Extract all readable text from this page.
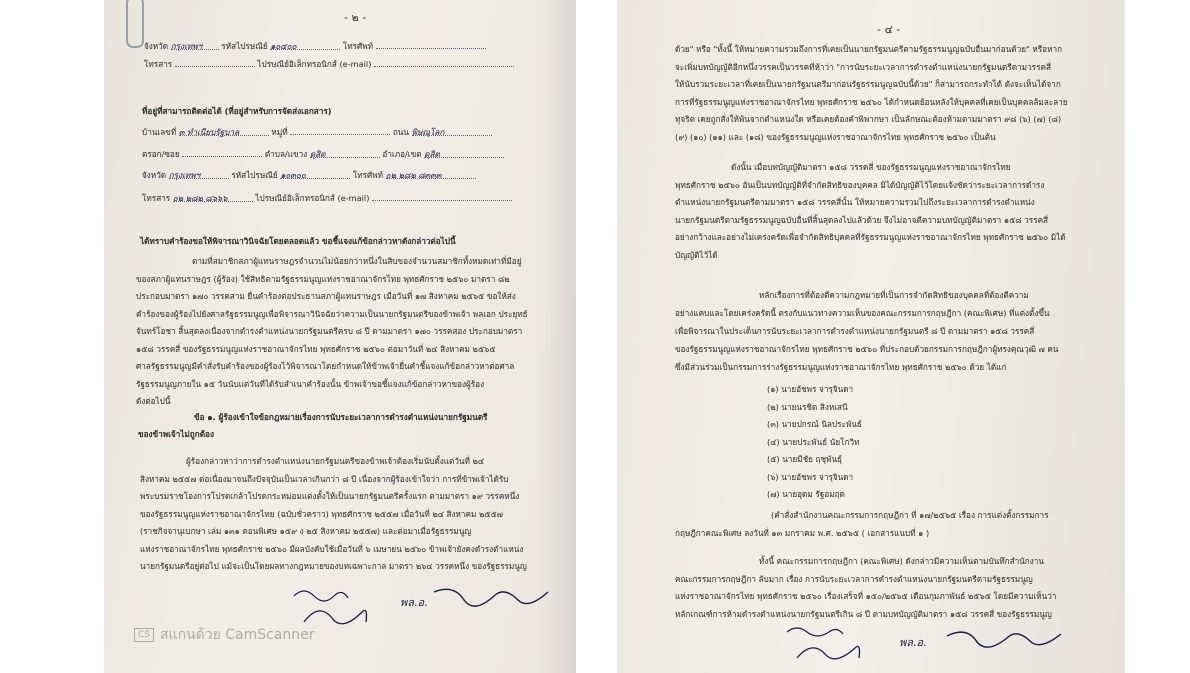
- ๒ -
จังหวัด กรุงเทพฯ รหัสไปรษณีย์ ๑๐๔๐๐	โทรศัพท์
โทรสาร	ไปรษณีย์อิเล็กทรอนิกส์ (e-mail)
ที่อยู่ที่สามารถติดต่อได้ (ที่อยู่สำหรับการจัดส่งเอกสาร)
บ้านเลขที่ ๓ ทำเนียบรัฐบาล	หมู่ที่	ถนน พิษณุโลก
ตรอก/ซอย	ตำบล/แขวง ดุสิต	อำเภอ/เขต ดุสิต
จังหวัด กรุงเทพฯ	รหัสไปรษณีย์ ๑๐๓๐๐	โทรศัพท์ ๐๒ ๒๘๒ ๘๓๓๓
โทรสาร ๐๒ ๒๘๒ ๘๖๖๖	ไปรษณีย์อิเล็กทรอนิกส์ (e-mail)
ได้ทราบคำร้องขอให้พิจารณาวินิจฉัยโดยตลอดแล้ว ขอชี้แจงแก้ข้อกล่าวหาดังกล่าวต่อไปนี้
ตามที่สมาชิกสภาผู้แทนราษฎรจำนวนไม่น้อยกว่าหนึ่งในสิบของจำนวนสมาชิกทั้งหมดเท่าที่มีอยู่
ของสภาผู้แทนราษฎร (ผู้ร้อง) ใช้สิทธิตามรัฐธรรมนูญแห่งราชอาณาจักรไทย พุทธศักราช ๒๕๖๐ มาตรา ๘๒
ประกอบมาตรา ๑๗๐ วรรคสาม ยื่นคำร้องต่อประธานสภาผู้แทนราษฎร เมื่อวันที่ ๑๗ สิงหาคม ๒๕๖๕ ขอให้ส่ง
คำร้องของผู้ร้องไปยังศาลรัฐธรรมนูญเพื่อพิจารณาวินิจฉัยว่าความเป็นนายกรัฐมนตรีของข้าพเจ้า พลเอก ประยุทธ์
จันทร์โอชา สิ้นสุดลงเนื่องจากดำรงตำแหน่งนายกรัฐมนตรีครบ ๘ ปี ตามมาตรา ๑๗๐ วรรคสอง ประกอบมาตรา
๑๕๘ วรรคสี่ ของรัฐธรรมนูญแห่งราชอาณาจักรไทย พุทธศักราช ๒๕๖๐ ต่อมาวันที่ ๒๔ สิงหาคม ๒๕๖๕
ศาลรัฐธรรมนูญมีคำสั่งรับคำร้องของผู้ร้องไว้พิจารณาโดยกำหนดให้ข้าพเจ้ายื่นคำชี้แจงแก้ข้อกล่าวหาต่อศาล
รัฐธรรมนูญภายใน ๑๕ วันนับแต่วันที่ได้รับสำเนาคำร้องนั้น ข้าพเจ้าขอชี้แจงแก้ข้อกล่าวหาของผู้ร้อง
ดังต่อไปนี้
ข้อ ๑. ผู้ร้องเข้าใจข้อกฎหมายเรื่องการนับระยะเวลาการดำรงตำแหน่งนายกรัฐมนตรี
ของข้าพเจ้าไม่ถูกต้อง
ผู้ร้องกล่าวหาว่าการดำรงตำแหน่งนายกรัฐมนตรีของข้าพเจ้าต้องเริ่มนับตั้งแต่วันที่ ๒๔
สิงหาคม ๒๕๕๗ ต่อเนื่องมาจนถึงปัจจุบันเป็นเวลาเกินกว่า ๘ ปี เนื่องจากผู้ร้องเข้าใจว่า การที่ข้าพเจ้าได้รับ
พระบรมราชโองการโปรดเกล้าโปรดกระหม่อมแต่งตั้งให้เป็นนายกรัฐมนตรีครั้งแรก ตามมาตรา ๑๙ วรรคหนึ่ง
ของรัฐธรรมนูญแห่งราชอาณาจักรไทย (ฉบับชั่วคราว) พุทธศักราช ๒๕๕๗ เมื่อวันที่ ๒๔ สิงหาคม ๒๕๕๗
(ราชกิจจานุเบกษา เล่ม ๑๓๑ ตอนพิเศษ ๑๕๙ ง ๒๕ สิงหาคม ๒๕๕๗) และต่อมาเมื่อรัฐธรรมนูญ
แห่งราชอาณาจักรไทย พุทธศักราช ๒๕๖๐ มีผลบังคับใช้เมื่อวันที่ ๖ เมษายน ๒๕๖๐ ข้าพเจ้ายังคงดำรงตำแหน่ง
นายกรัฐมนตรีอยู่ต่อไป แม้จะเป็นโดยผลทางกฎหมายของบทเฉพาะกาล มาตรา ๒๖๔ วรรคหนึ่ง ของรัฐธรรมนูญ
พล.อ.
CS สแกนด้วย CamScanner
- ๔ -
ด้วย" หรือ "ทั้งนี้ ให้หมายความรวมถึงการที่เคยเป็นนายกรัฐมนตรีตามรัฐธรรมนูญฉบับอื่นมาก่อนด้วย" หรือหาก
จะเพิ่มบทบัญญัติอีกหนึ่งวรรคเป็นวรรคที่ห้าว่า "การนับระยะเวลาการดำรงตำแหน่งนายกรัฐมนตรีตามวรรคสี่
ให้นับรวมระยะเวลาที่เคยเป็นนายกรัฐมนตรีมาก่อนรัฐธรรมนูญฉบับนี้ด้วย" ก็สามารถกระทำได้ ดังจะเห็นได้จาก
การที่รัฐธรรมนูญแห่งราชอาณาจักรไทย พุทธศักราช ๒๕๖๐ ได้กำหนดย้อนหลังให้บุคคลที่เคยเป็นบุคคลล้มละลาย
ทุจริต เคยถูกสั่งให้พ้นจากตำแหน่งใด หรือเคยต้องคำพิพากษา เป็นลักษณะต้องห้ามตามมาตรา ๙๘ (๖) (๗) (๘)
(๙) (๑๐) (๑๑) และ (๑๘) ของรัฐธรรมนูญแห่งราชอาณาจักรไทย พุทธศักราช ๒๕๖๐ เป็นต้น
ดังนั้น เมื่อบทบัญญัติมาตรา ๑๕๘ วรรคสี่ ของรัฐธรรมนูญแห่งราชอาณาจักรไทย
พุทธศักราช ๒๕๖๐ อันเป็นบทบัญญัติที่จำกัดสิทธิของบุคคล มิได้บัญญัติไว้โดยแจ้งชัดว่าระยะเวลาการดำรง
ตำแหน่งนายกรัฐมนตรีตามมาตรา ๑๕๘ วรรคสี่นั้น ให้หมายความรวมไปถึงระยะเวลาการดำรงตำแหน่ง
นายกรัฐมนตรีตามรัฐธรรมนูญฉบับอื่นที่สิ้นสุดลงไปแล้วด้วย จึงไม่อาจตีความบทบัญญัติมาตรา ๑๕๘ วรรคสี่
อย่างกว้างและอย่างไม่เคร่งครัดเพื่อจำกัดสิทธิบุคคลที่รัฐธรรมนูญแห่งราชอาณาจักรไทย พุทธศักราช ๒๕๖๐ มิได้
บัญญัติไว้ได้
หลักเรื่องการที่ต้องตีความกฎหมายที่เป็นการจำกัดสิทธิของบุคคลที่ต้องตีความ
อย่างแคบและโดยเคร่งครัดนี้ ตรงกับแนวทางความเห็นของคณะกรรมการกฤษฎีกา (คณะพิเศษ) ที่แต่งตั้งขึ้น
เพื่อพิจารณาในประเด็นการนับระยะเวลาการดำรงตำแหน่งนายกรัฐมนตรี ๘ ปี ตามมาตรา ๑๕๘ วรรคสี่
ของรัฐธรรมนูญแห่งราชอาณาจักรไทย พุทธศักราช ๒๕๖๐ ที่ประกอบด้วยกรรมการกฤษฎีกาผู้ทรงคุณวุฒิ ๗ คน
ซึ่งมีส่วนร่วมเป็นกรรมการร่างรัฐธรรมนูญแห่งราชอาณาจักรไทย พุทธศักราช ๒๕๖๐ ด้วย ได้แก่
(๑) นายอัชพร จารุจินดา
(๒) นายนรชิต สิงหเสนี
(๓) นายปกรณ์ นิลประพันธ์
(๔) นายประพันธ์ นัยโกวิท
(๕) นายมีชัย ฤชุพันธุ์
(๖) นายอัชพร จารุจินดา
(๗) นายอุดม รัฐอมฤต
(คำสั่งสำนักงานคณะกรรมการกฤษฎีกา ที่ ๑๗/๒๕๖๕ เรื่อง การแต่งตั้งกรรมการ
กฤษฎีกาคณะพิเศษ ลงวันที่ ๑๓ มกราคม พ.ศ. ๒๕๖๕ ( เอกสารแนบที่ ๑ )
ทั้งนี้ คณะกรรมการกฤษฎีกา (คณะพิเศษ) ดังกล่าวมีความเห็นตามบันทึกสำนักงาน
คณะกรรมการกฤษฎีกา ลับมาก เรื่อง การนับระยะเวลาการดำรงตำแหน่งนายกรัฐมนตรีตามรัฐธรรมนูญ
แห่งราชอาณาจักรไทย พุทธศักราช ๒๕๖๐ เรื่องเสร็จที่ ๑๕๐/๒๕๖๕ เดือนกุมภาพันธ์ ๒๕๖๕ โดยมีความเห็นว่า
หลักเกณฑ์การห้ามดำรงตำแหน่งนายกรัฐมนตรีเกิน ๘ ปี ตามบทบัญญัติมาตรา ๑๕๘ วรรคสี่ ของรัฐธรรมนูญ
พล.อ.
